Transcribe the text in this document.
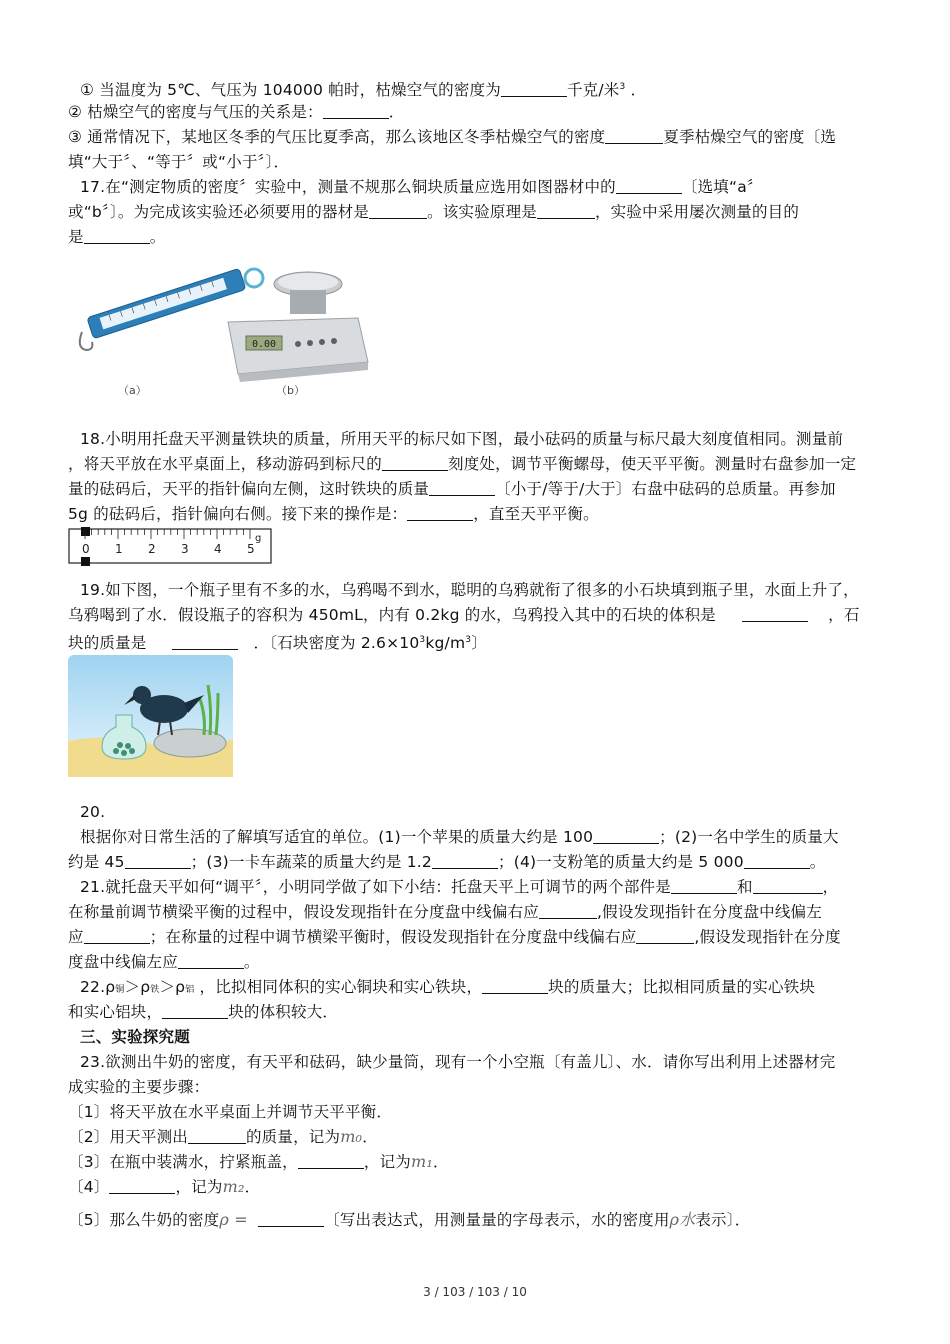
① 当温度为 5℃、气压为 104000 帕时，枯燥空气的密度为	千克/米$^3$ ．
② 枯燥空气的密度与气压的关系是：	．
③ 通常情况下，某地区冬季的气压比夏季高，那么该地区冬季枯燥空气的密度	夏季枯燥空气的密度〔选
填“大于〞、“等于〞或“小于〞〕．
17.在“测定物质的密度〞实验中，测量不规那么铜块质量应选用如图器材中的	〔选填“a〞
或“b〞〕。为完成该实验还必须要用的器材是	。该实验原理是	，实验中采用屡次测量的目的
是	。
0.00
（a）	（b）
18.小明用托盘天平测量铁块的质量，所用天平的标尺如下图，最小砝码的质量与标尺最大刻度值相同。测量前
，将天平放在水平桌面上，移动游码到标尺的	刻度处，调节平衡螺母，使天平平衡。测量时右盘参加一定
量的砝码后，天平的指针偏向左侧，这时铁块的质量	〔小于/等于/大于〕右盘中砝码的总质量。再参加
5g 的砝码后，指针偏向右侧。接下来的操作是：	，直至天平平衡。
0 1 2 3 4 5
g
19.如下图，一个瓶子里有不多的水，乌鸦喝不到水，聪明的乌鸦就衔了很多的小石块填到瓶子里，水面上升了，
乌鸦喝到了水．假设瓶子的容积为 450mL，内有 0.2kg 的水，乌鸦投入其中的石块的体积是	，石
块的质量是	．〔石块密度为 $2.6\times 10^3kg/m^3$〕
20.
根据你对日常生活的了解填写适宜的单位。(1)一个苹果的质量大约是 100	；(2)一名中学生的质量大
约是 45	；(3)一卡车蔬菜的质量大约是 1.2	；(4)一支粉笔的质量大约是 5 000	。
21.就托盘天平如何“调平〞，小明同学做了如下小结：托盘天平上可调节的两个部件是	和	，
在称量前调节横梁平衡的过程中，假设发现指针在分度盘中线偏右应	,假设发现指针在分度盘中线偏左
应	；在称量的过程中调节横梁平衡时，假设发现指针在分度盘中线偏右应	,假设发现指针在分度
度盘中线偏左应	。
22.ρ铜＞ρ铁＞ρ铝 ，比拟相同体积的实心铜块和实心铁块，	块的质量大；比拟相同质量的实心铁块
和实心铝块，	块的体积较大．
三、实验探究题
23.欲测出牛奶的密度，有天平和砝码，缺少量筒，现有一个小空瓶〔有盖儿〕、水．请你写出利用上述器材完
成实验的主要步骤：
〔1〕将天平放在水平桌面上并调节天平平衡．
〔2〕用天平测出	的质量，记为m₀．
〔3〕在瓶中装满水，拧紧瓶盖，	，记为m₁．
〔4〕	，记为m₂．
〔5〕那么牛奶的密度ρ =	〔写出表达式，用测量量的字母表示，水的密度用ρ水表示〕．
3 / 103 / 103 / 10
